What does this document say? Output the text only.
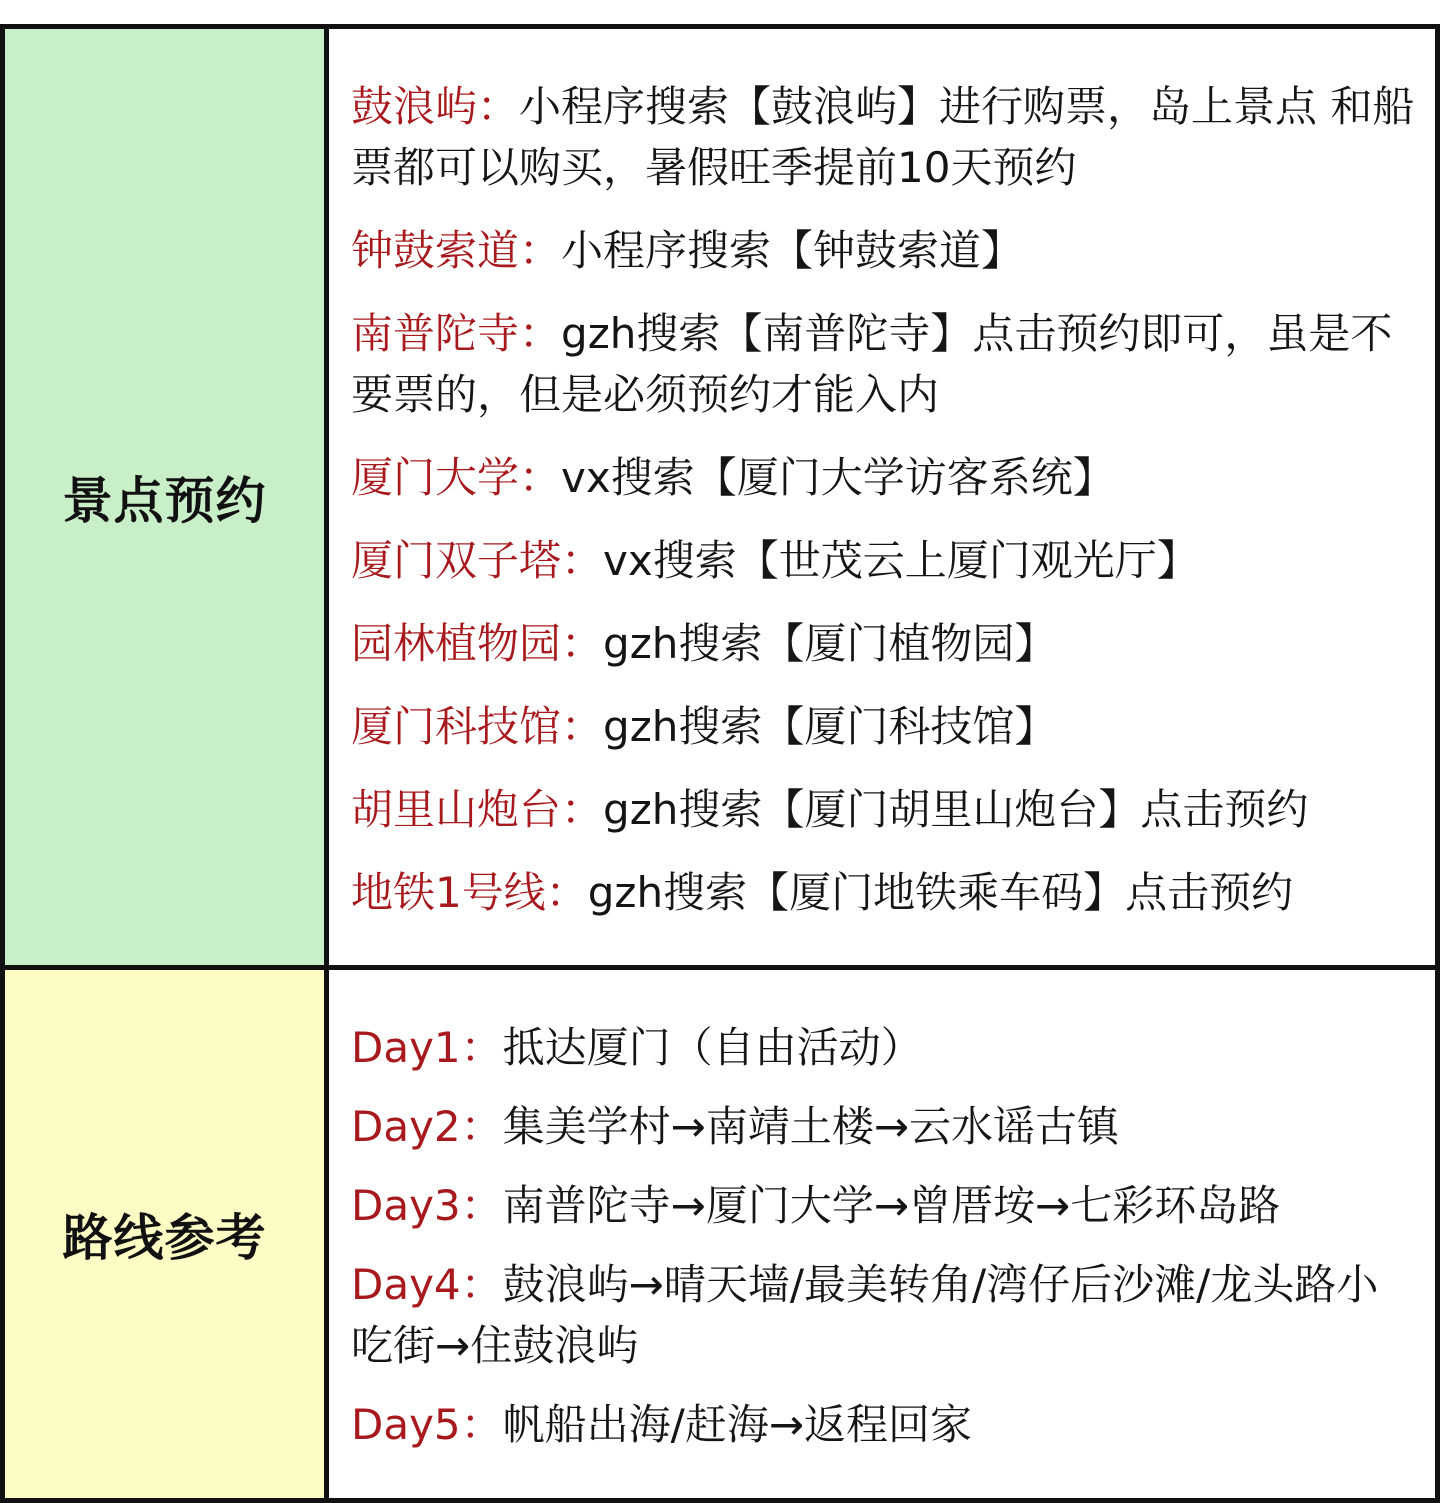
景点预约
鼓浪屿：小程序搜索【鼓浪屿】进行购票，岛上景点 和船票都可以购买，暑假旺季提前10天预约
钟鼓索道：小程序搜索【钟鼓索道】
南普陀寺：gzh搜索【南普陀寺】点击预约即可，虽是不要票的，但是必须预约才能入内
厦门大学：vx搜索【厦门大学访客系统】
厦门双子塔：vx搜索【世茂云上厦门观光厅】
园林植物园：gzh搜索【厦门植物园】
厦门科技馆：gzh搜索【厦门科技馆】
胡里山炮台：gzh搜索【厦门胡里山炮台】点击预约
地铁1号线：gzh搜索【厦门地铁乘车码】点击预约
路线参考
Day1：抵达厦门（自由活动）
Day2：集美学村→南靖土楼→云水谣古镇
Day3：南普陀寺→厦门大学→曾厝垵→七彩环岛路
Day4：鼓浪屿→晴天墙/最美转角/湾仔后沙滩/龙头路小吃街→住鼓浪屿
Day5：帆船出海/赶海→返程回家
